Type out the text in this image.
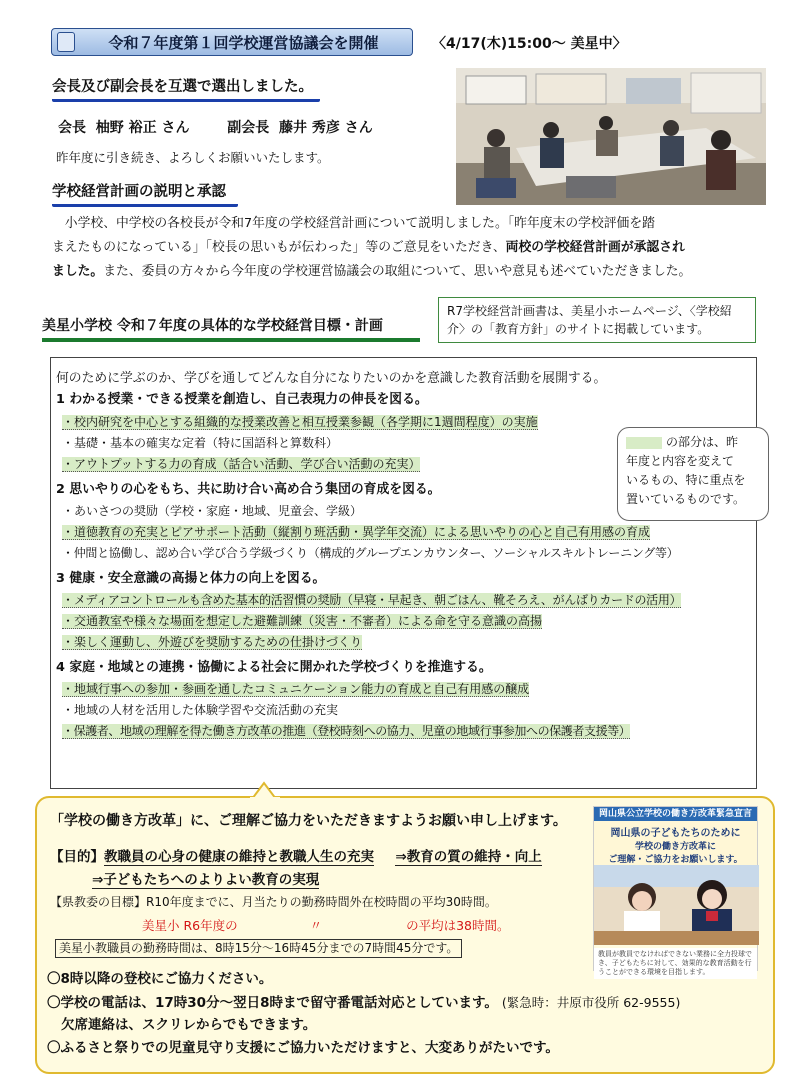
令和７年度第１回学校運営協議会を開催	〈4/17(木)15:00～ 美星中〉
会長及び副会長を互選で選出しました。
会長 柚野 裕正 さん	副会長 藤井 秀彦 さん
昨年度に引き続き、よろしくお願いいたします。
学校経営計画の説明と承認

　小学校、中学校の各校長が令和7年度の学校経営計画について説明しました。「昨年度末の学校評価を踏

まえたものになっている」「校長の思いもが伝わった」等のご意見をいただき、両校の学校経営計画が承認され

ました。また、委員の方々から今年度の学校運営協議会の取組について、思いや意見も述べていただきました。

美星小学校 令和７年度の具体的な学校経営目標・計画
R7学校経営計画書は、美星小ホームページ、〈学校紹介〉の「教育方針」のサイトに掲載しています。
何のために学ぶのか、学びを通してどんな自分になりたいのかを意識した教育活動を展開する。
1 わかる授業・できる授業を創造し、自己表現力の伸長を図る。
・校内研究を中心とする組織的な授業改善と相互授業参観（各学期に1週間程度）の実施
・基礎・基本の確実な定着（特に国語科と算数科）
・アウトプットする力の育成（話合い活動、学び合い活動の充実）
2 思いやりの心をもち、共に助け合い高め合う集団の育成を図る。
・あいさつの奨励（学校・家庭・地域、児童会、学級）
・道徳教育の充実とピアサポート活動（縦割り班活動・異学年交流）による思いやりの心と自己有用感の育成
・仲間と協働し、認め合い学び合う学級づくり（構成的グループエンカウンター、ソーシャルスキルトレーニング等）
3 健康・安全意識の高揚と体力の向上を図る。
・メディアコントロールも含めた基本的活習慣の奨励（早寝・早起き、朝ごはん、靴そろえ、がんばりカードの活用）
・交通教室や様々な場面を想定した避難訓練（災害・不審者）による命を守る意識の高揚
・楽しく運動し、外遊びを奨励するための仕掛けづくり
4 家庭・地域との連携・協働による社会に開かれた学校づくりを推進する。
・地域行事への参加・参画を通したコミュニケーション能力の育成と自己有用感の醸成
・地域の人材を活用した体験学習や交流活動の充実
・保護者、地域の理解を得た働き方改革の推進（登校時刻への協力、児童の地域行事参加への保護者支援等）
の部分は、昨
年度と内容を変えて
いるもの、特に重点を
置いているものです。
「学校の働き方改革」に、ご理解ご協力をいただきますようお願い申し上げます。
【目的】教職員の心身の健康の維持と教職人生の充実 ⇒教育の質の維持・向上
⇒子どもたちへのよりよい教育の実現
【県教委の目標】R10年度までに、月当たりの勤務時間外在校時間の平均30時間。
美星小 R6年度の	〃	の平均は38時間。
美星小教職員の勤務時間は、8時15分～16時45分までの7時間45分です。
〇8時以降の登校にご協力ください。
〇学校の電話は、17時30分～翌日8時まで留守番電話対応としています。 (緊急時：井原市役所 62-9555)
欠席連絡は、スクリレからでもできます。
〇ふるさと祭りでの児童見守り支援にご協力いただけますと、大変ありがたいです。
岡山県公立学校の働き方改革緊急宣言
岡山県の子どもたちのために
学校の働き方改革に
ご理解・ご協力をお願いします。
教員が教員でなければできない業務に全力投球でき、子どもたちに対して、効果的な教育活動を行うことができる環境を目指します。
